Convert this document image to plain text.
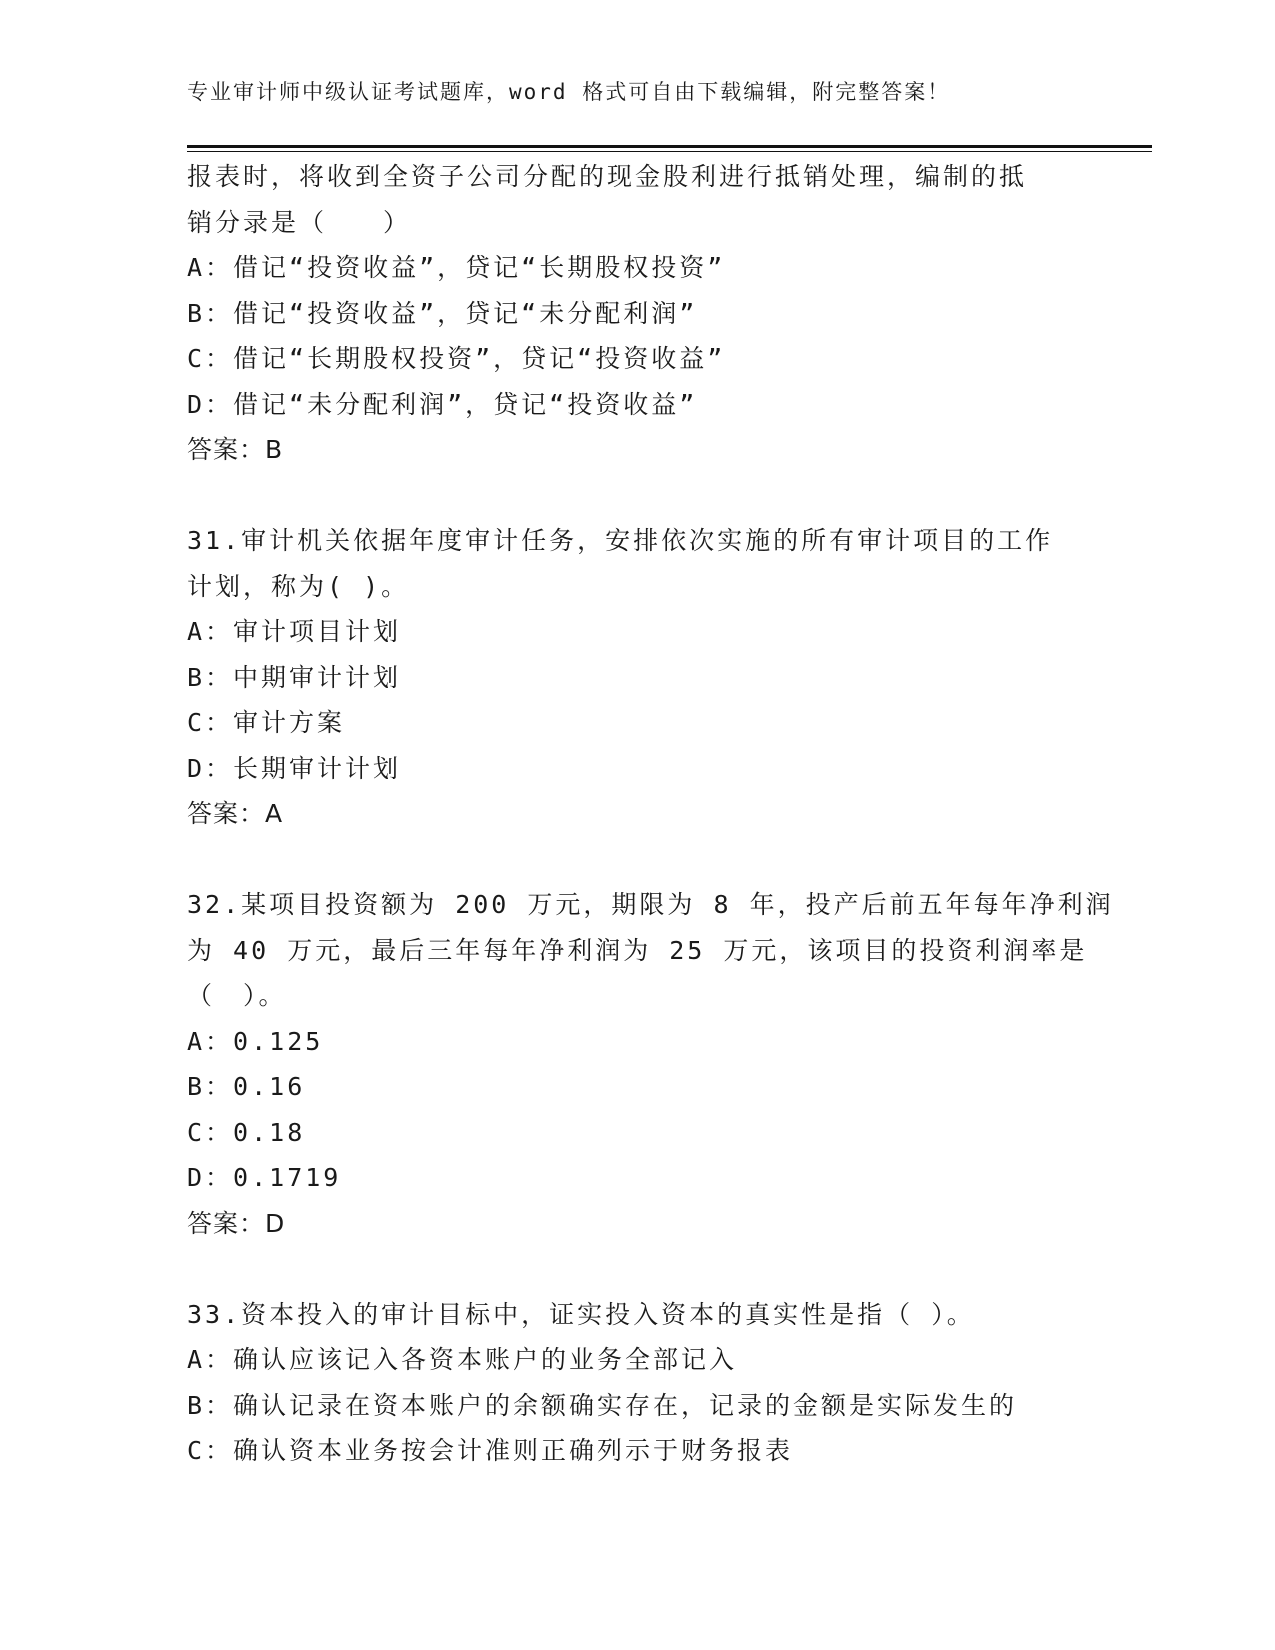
专业审计师中级认证考试题库，word 格式可自由下载编辑，附完整答案！
报表时，将收到全资子公司分配的现金股利进行抵销处理，编制的抵
销分录是（　　）
A：借记“投资收益”，贷记“长期股权投资”
B：借记“投资收益”，贷记“未分配利润”
C：借记“长期股权投资”，贷记“投资收益”
D：借记“未分配利润”，贷记“投资收益”
答案：B
31.审计机关依据年度审计任务，安排依次实施的所有审计项目的工作
计划，称为( )。
A：审计项目计划
B：中期审计计划
C：审计方案
D：长期审计计划
答案：A
32.某项目投资额为 200 万元，期限为 8 年，投产后前五年每年净利润
为 40 万元，最后三年每年净利润为 25 万元，该项目的投资利润率是
（　）。
A：0.125
B：0.16
C：0.18
D：0.1719
答案：D
33.资本投入的审计目标中，证实投入资本的真实性是指（ ）。
A：确认应该记入各资本账户的业务全部记入
B：确认记录在资本账户的余额确实存在，记录的金额是实际发生的
C：确认资本业务按会计准则正确列示于财务报表
